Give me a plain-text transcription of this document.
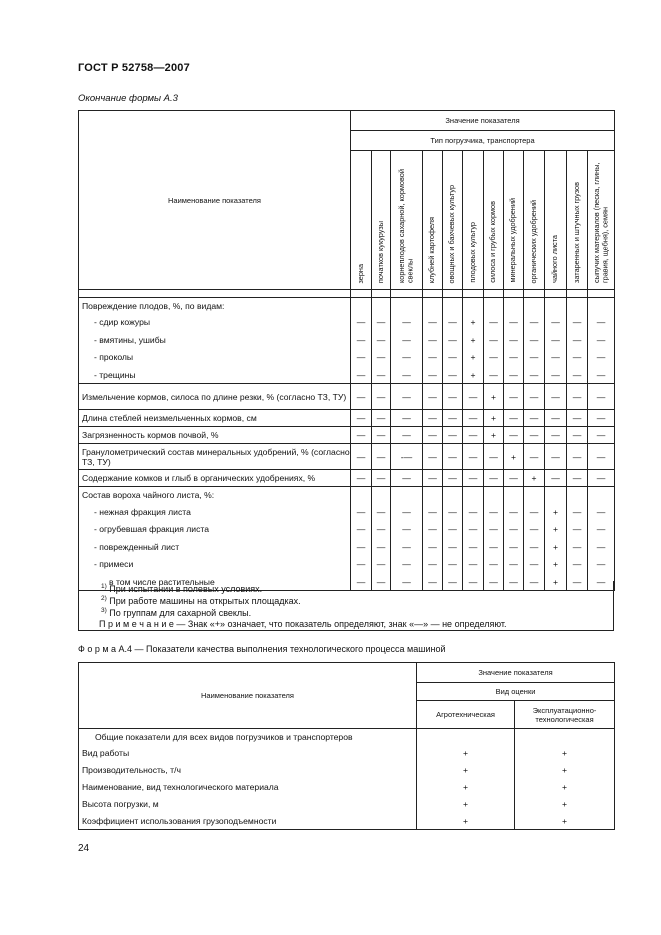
ГОСТ Р 52758—2007
Окончание формы А.3
Наименование показателя	Значение показателя											
	Тип погрузчика, транспортера											
	зерна	початков кукурузы	корнеплодов сахарной, кормовой свеклы	клубней картофеля	овощных и бахчевых культур	плодовых культур	силоса и грубых кормов	минеральных удобрений	органических удобрений	чайного листа	затаренных и штучных грузов	сыпучих материалов (песка, глины, гравия, щебня), семян

Повреждение плодов, %, по видам:												
- сдир кожуры	—	—	—	—	—	+	—	—	—	—	—	—
- вмятины, ушибы	—	—	—	—	—	+	—	—	—	—	—	—
- проколы	—	—	—	—	—	+	—	—	—	—	—	—
- трещины	—	—	—	—	—	+	—	—	—	—	—	—
Измельчение кормов, силоса по длине резки, % (согласно ТЗ, ТУ)	—	—	—	—	—	—	+	—	—	—	—	—
Длина стеблей неизмельченных кормов, см	—	—	—	—	—	—	+	—	—	—	—	—
Загрязненность кормов почвой, %	—	—	—	—	—	—	+	—	—	—	—	—
Гранулометрический состав минеральных удобрений, % (согласно ТЗ, ТУ)	—	—	-—	—	—	—	—	+	—	—	—	—
Содержание комков и глыб в органических удобрениях, %	—	—	—	—	—	—	—	—	+	—	—	—
Состав вороха чайного листа, %:												
- нежная фракция листа	—	—	—	—	—	—	—	—	—	+	—	—
- огрубевшая фракция листа	—	—	—	—	—	—	—	—	—	+	—	—
- поврежденный лист	—	—	—	—	—	—	—	—	—	+	—	—
- примеси	—	—	—	—	—	—	—	—	—	+	—	—
в том числе растительные	—	—	—	—	—	—	—	—	—	+	—	—
$^{1)}$ При испытании в полевых условиях.
$^{2)}$ При работе машины на открытых площадках.
$^{3)}$ По группам для сахарной свеклы.
П р и м е ч а н и е — Знак «+» означает, что показатель определяют, знак «—» — не определяют.
Ф о р м а А.4 — Показатели качества выполнения технологического процесса машиной
Наименование показателя	Значение показателя	
	Вид оценки	
	Агротехническая	Эксплуатационно-технологическая
Общие показатели для всех видов погрузчиков и транспортеров		
Вид работы	+	+
Производительность, т/ч	+	+
Наименование, вид технологического материала	+	+
Высота погрузки, м	+	+
Коэффициент использования грузоподъемности	+	+
24
